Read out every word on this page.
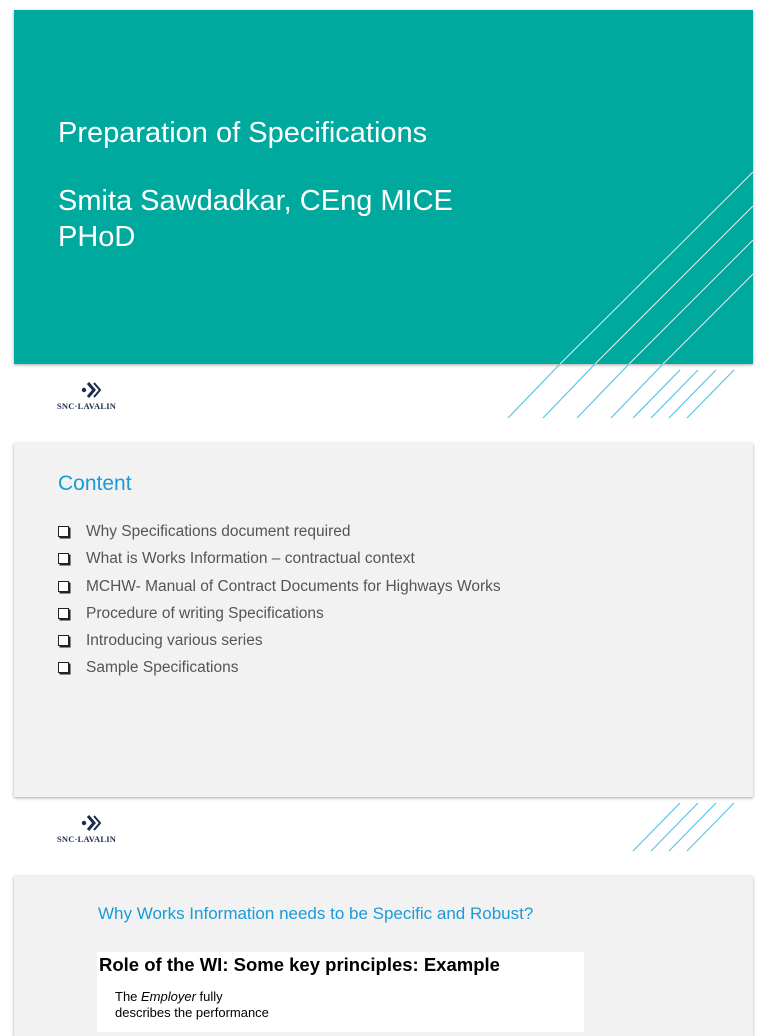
Preparation of Specifications
Smita Sawdadkar, CEng MICE
PHoD
SNC·LAVALIN
Content
Why Specifications document required
What is Works Information – contractual context
MCHW- Manual of Contract Documents for Highways Works
Procedure of writing Specifications
Introducing various series
Sample Specifications
SNC·LAVALIN
Why Works Information needs to be Specific and Robust?
Role of the WI: Some key principles: Example
The Employer fully
describes the performance
